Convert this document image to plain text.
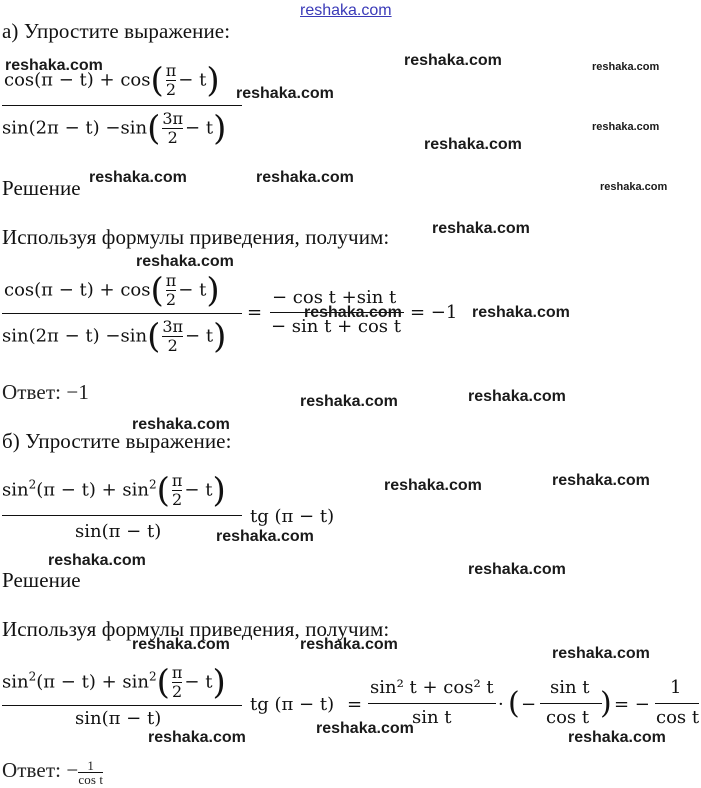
reshaka.com
а) Упростите выражение:
$\cos(\pi - t) + \cos( \frac{\pi}{2} - t)$
$\sin(2\pi - t) -\sin( \frac{3\pi}{2} - t)$
Решение
Используя формулы приведения, получим:
$\cos(\pi - t) + \cos( \frac{\pi}{2} - t)$
$\sin(2\pi - t) -\sin( \frac{3\pi}{2} - t)$
=
− cos t +sin t
− sin t + cos t
= −1
Ответ: −1
б) Упростите выражение:
$\sin^2(\pi - t) + \sin^2( \frac{\pi}{2} - t)$
sin(π − t)
tg (π − t)
Решение
Используя формулы приведения, получим:
$\sin^2(\pi - t) + \sin^2( \frac{\pi}{2} - t)$
sin(π − t)
tg (π − t) =
sin² t + cos² t
sin t
· ( −
sin t
cos t ) = −
1
cos t
Ответ: − $\frac{1}{\text{cos t}}$
reshaka.com	reshaka.com	reshaka.com
reshaka.com
reshaka.com
reshaka.com
reshaka.com	reshaka.com
reshaka.com
reshaka.com
reshaka.com
reshaka.com	reshaka.com
reshaka.com	reshaka.com
reshaka.com
reshaka.com	reshaka.com
reshaka.com
reshaka.com
reshaka.com
reshaka.com	reshaka.com
reshaka.com
reshaka.com
reshaka.com	reshaka.com
